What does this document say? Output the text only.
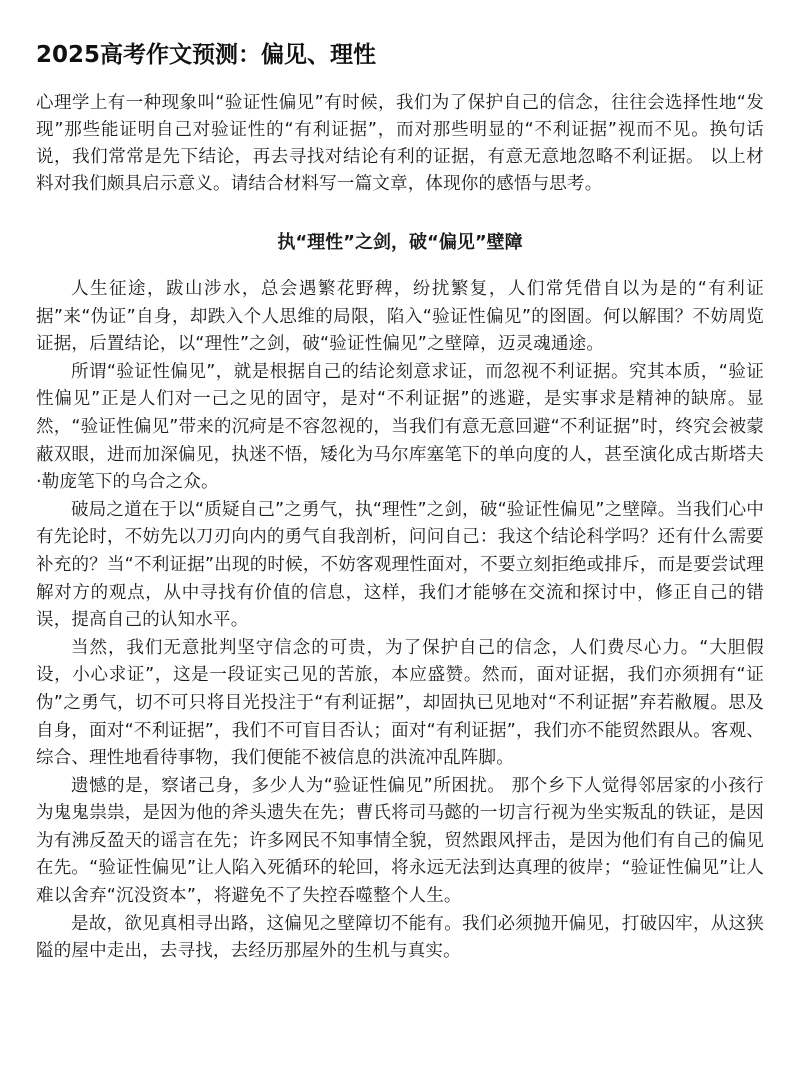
2025高考作文预测：偏见、理性

心理学上有一种现象叫“验证性偏见”有时候，我们为了保护自己的信念，往往会选择性地“发现”那些能证明自己对验证性的“有利证据”，而对那些明显的“不利证据”视而不见。换句话说，我们常常是先下结论，再去寻找对结论有利的证据，有意无意地忽略不利证据。 以上材料对我们颇具启示意义。请结合材料写一篇文章，体现你的感悟与思考。

执“理性”之剑，破“偏见”壁障

人生征途，跋山涉水，总会遇繁花野稗，纷扰繁复，人们常凭借自以为是的“有利证据”来“伪证”自身，却跌入个人思维的局限，陷入“验证性偏见”的囹圄。何以解围？不妨周览证据，后置结论，以“理性”之剑，破“验证性偏见”之壁障，迈灵魂通途。

所谓“验证性偏见”，就是根据自己的结论刻意求证，而忽视不利证据。究其本质，“验证性偏见”正是人们对一己之见的固守，是对“不利证据”的逃避，是实事求是精神的缺席。显然，“验证性偏见”带来的沉疴是不容忽视的，当我们有意无意回避“不利证据”时，终究会被蒙蔽双眼，进而加深偏见，执迷不悟，矮化为马尔库塞笔下的单向度的人，甚至演化成古斯塔夫·勒庞笔下的乌合之众。

破局之道在于以“质疑自己”之勇气，执“理性”之剑，破“验证性偏见”之壁障。当我们心中有先论时，不妨先以刀刃向内的勇气自我剖析，问问自己：我这个结论科学吗？还有什么需要补充的？当“不利证据”出现的时候，不妨客观理性面对，不要立刻拒绝或排斥，而是要尝试理解对方的观点，从中寻找有价值的信息，这样，我们才能够在交流和探讨中，修正自己的错误，提高自己的认知水平。

当然，我们无意批判坚守信念的可贵，为了保护自己的信念，人们费尽心力。“大胆假设，小心求证”，这是一段证实己见的苦旅，本应盛赞。然而，面对证据，我们亦须拥有“证伪”之勇气，切不可只将目光投注于“有利证据”，却固执已见地对“不利证据”弃若敝履。思及自身，面对“不利证据”，我们不可盲目否认；面对“有利证据”，我们亦不能贸然跟从。客观、综合、理性地看待事物，我们便能不被信息的洪流冲乱阵脚。

遗憾的是，察诸己身，多少人为“验证性偏见”所困扰。 那个乡下人觉得邻居家的小孩行为鬼鬼祟祟，是因为他的斧头遗失在先；曹氏将司马懿的一切言行视为坐实叛乱的铁证，是因为有沸反盈天的谣言在先；许多网民不知事情全貌，贸然跟风抨击，是因为他们有自己的偏见在先。“验证性偏见”让人陷入死循环的轮回，将永远无法到达真理的彼岸；“验证性偏见”让人难以舍弃“沉没资本”，将避免不了失控吞噬整个人生。

是故，欲见真相寻出路，这偏见之壁障切不能有。我们必须抛开偏见，打破囚牢，从这狭隘的屋中走出，去寻找，去经历那屋外的生机与真实。
